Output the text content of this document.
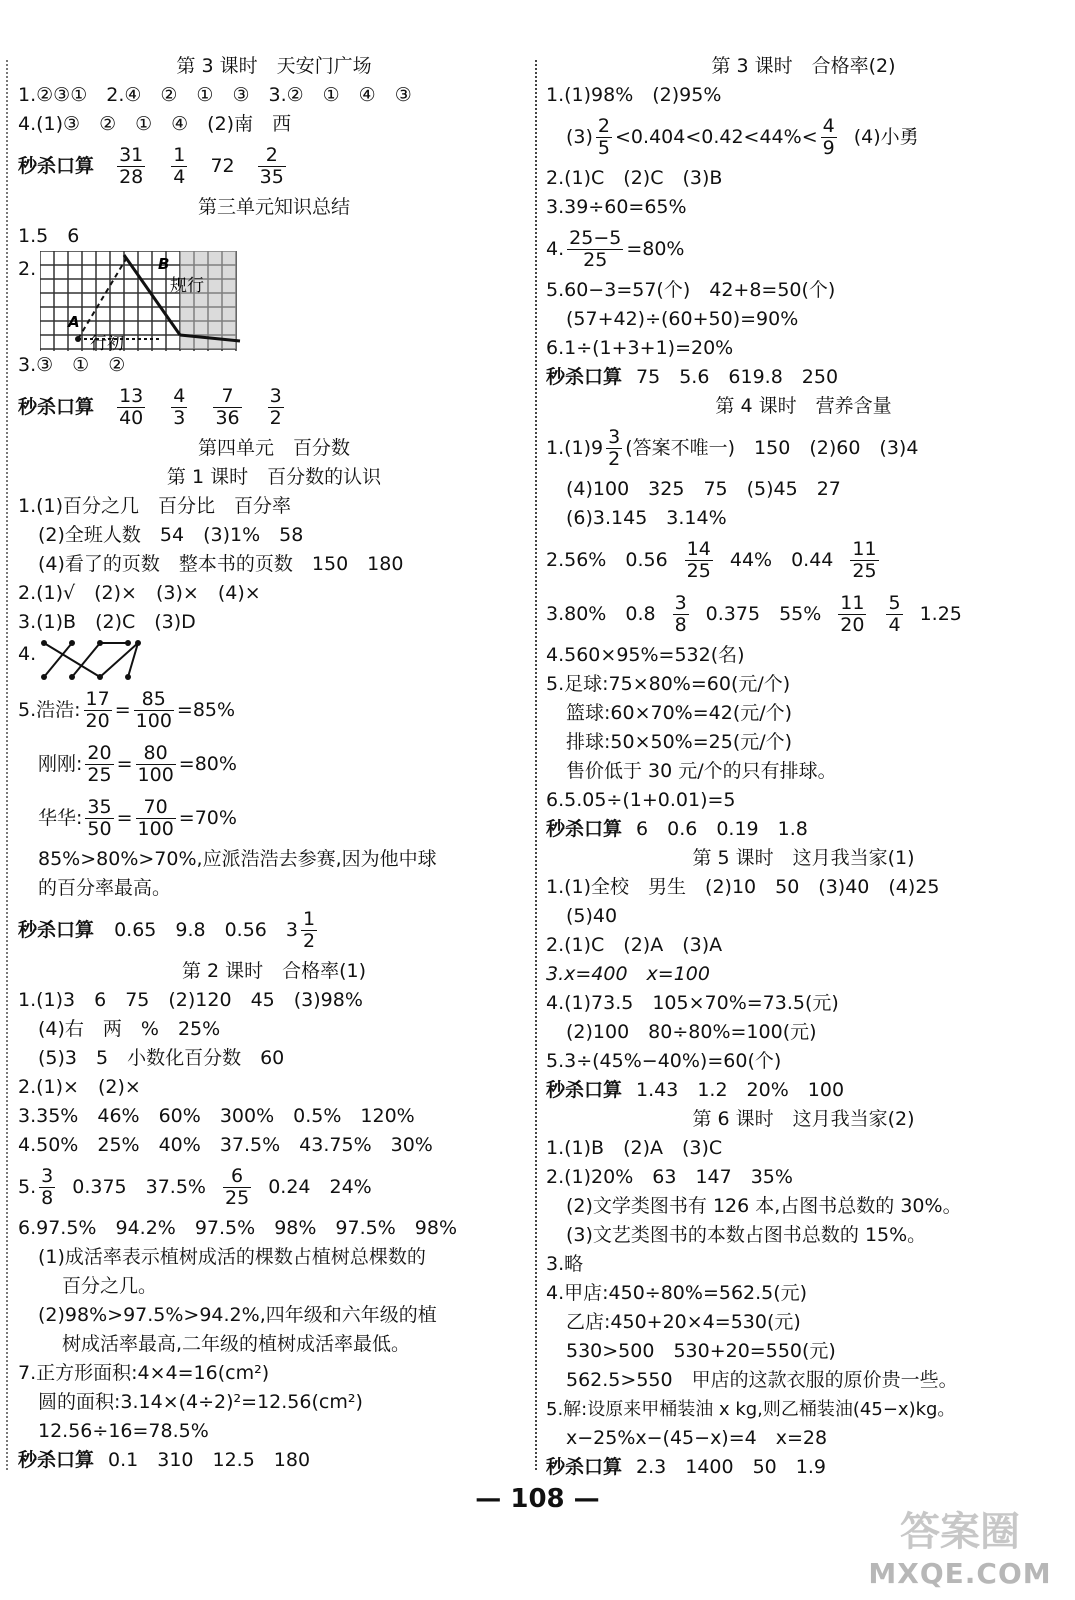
第 3 课时　天安门广场
1.②③①　2.④　②　①　③　3.②　①　④　③
4.(1)③　②　①　④　(2)南　西
秒杀口算 $\frac{31}{28}$
$\frac{1}{4} 72 \frac{2}{35}$
第三单元知识总结
1.5　6
2.	B
A
规行
行初
3.③　①　②
秒杀口算 $\frac{13}{40}$
$\frac{4}{3}$
$\frac{7}{36}$
$\frac{3}{2}$
第四单元　百分数
第 1 课时　百分数的认识
1.(1)百分之几　百分比　百分率
(2)全班人数　54　(3)1%　58
(4)看了的页数　整本书的页数　150　180
2.(1)√　(2)×　(3)×　(4)×
3.(1)B　(2)C　(3)D
4.
5.浩浩: $\frac{17}{20} = \frac{85}{100} =85\%$
刚刚: $\frac{20}{25} = \frac{80}{100} =80\%$
华华: $\frac{35}{50} = \frac{70}{100} =70\%$
85%>80%>70%,应派浩浩去参赛,因为他中球
的百分率最高。
秒杀口算 0.65　9.8　0.56　$3 \frac{1}{2}$
第 2 课时　合格率(1)
1.(1)3　6　75　(2)120　45　(3)98%
(4)右　两　%　25%
(5)3　5　小数化百分数　60
2.(1)×　(2)×
3.35%　46%　60%　300%　0.5%　120%
4.50%　25%　40%　37.5%　43.75%　30%
5. $\frac{3}{8} 0.375$　$37.5\% \frac{6}{25} 0.24$　24%
6.97.5%　94.2%　97.5%　98%　97.5%　98%
(1)成活率表示植树成活的棵数占植树总棵数的
百分之几。
(2)98%>97.5%>94.2%,四年级和六年级的植
树成活率最高,二年级的植树成活率最低。
7.正方形面积:4×4=16(cm²)
圆的面积:3.14×(4÷2)²=12.56(cm²)
12.56÷16=78.5%
秒杀口算 0.1　310　12.5　180
第 3 课时　合格率(2)
1.(1)98%　(2)95%
$(3) \frac{2}{5} <0.404<0.42<44\%< \frac{4}{9} (4)$小勇
2.(1)C　(2)C　(3)B
3.39÷60=65%
4. $\frac{25-5}{25} =80\%$
5.60−3=57(个)　42+8=50(个)
(57+42)÷(60+50)=90%
6.1÷(1+3+1)=20%
秒杀口算 75　5.6　619.8　250
第 4 课时　营养含量
$1.(1)9 \frac{3}{2}$ (答案不唯一)　150　(2)60　(3)4
(4)100　325　75　(5)45　27
(6)3.145　3.14%
2.56%　$0.56 \frac{14}{25} 44\%$　$0.44 \frac{11}{25}$
3.80%　$0.8 \frac{3}{8} 0.375$　$55\% \frac{11}{20} \frac{5}{4} 1.25$
4.560×95%=532(名)
5.足球:75×80%=60(元/个)
篮球:60×70%=42(元/个)
排球:50×50%=25(元/个)
售价低于 30 元/个的只有排球。
6.5.05÷(1+0.01)=5
秒杀口算 6　0.6　0.19　1.8
第 5 课时　这月我当家(1)
1.(1)全校　男生　(2)10　50　(3)40　(4)25
(5)40
2.(1)C　(2)A　(3)A
3.x=400　x=100
4.(1)73.5　105×70%=73.5(元)
(2)100　80÷80%=100(元)
5.3÷(45%−40%)=60(个)
秒杀口算 1.43　1.2　20%　100
第 6 课时　这月我当家(2)
1.(1)B　(2)A　(3)C
2.(1)20%　63　147　35%
(2)文学类图书有 126 本,占图书总数的 30%。
(3)文艺类图书的本数占图书总数的 15%。
3.略
4.甲店:450÷80%=562.5(元)
乙店:450+20×4=530(元)
530>500　530+20=550(元)
562.5>550　甲店的这款衣服的原价贵一些。
5.解:设原来甲桶装油 x kg,则乙桶装油(45−x)kg。
x−25%x−(45−x)=4　x=28
秒杀口算 2.3　1400　50　1.9
— 108 —
答案圈
MXQE.COM
